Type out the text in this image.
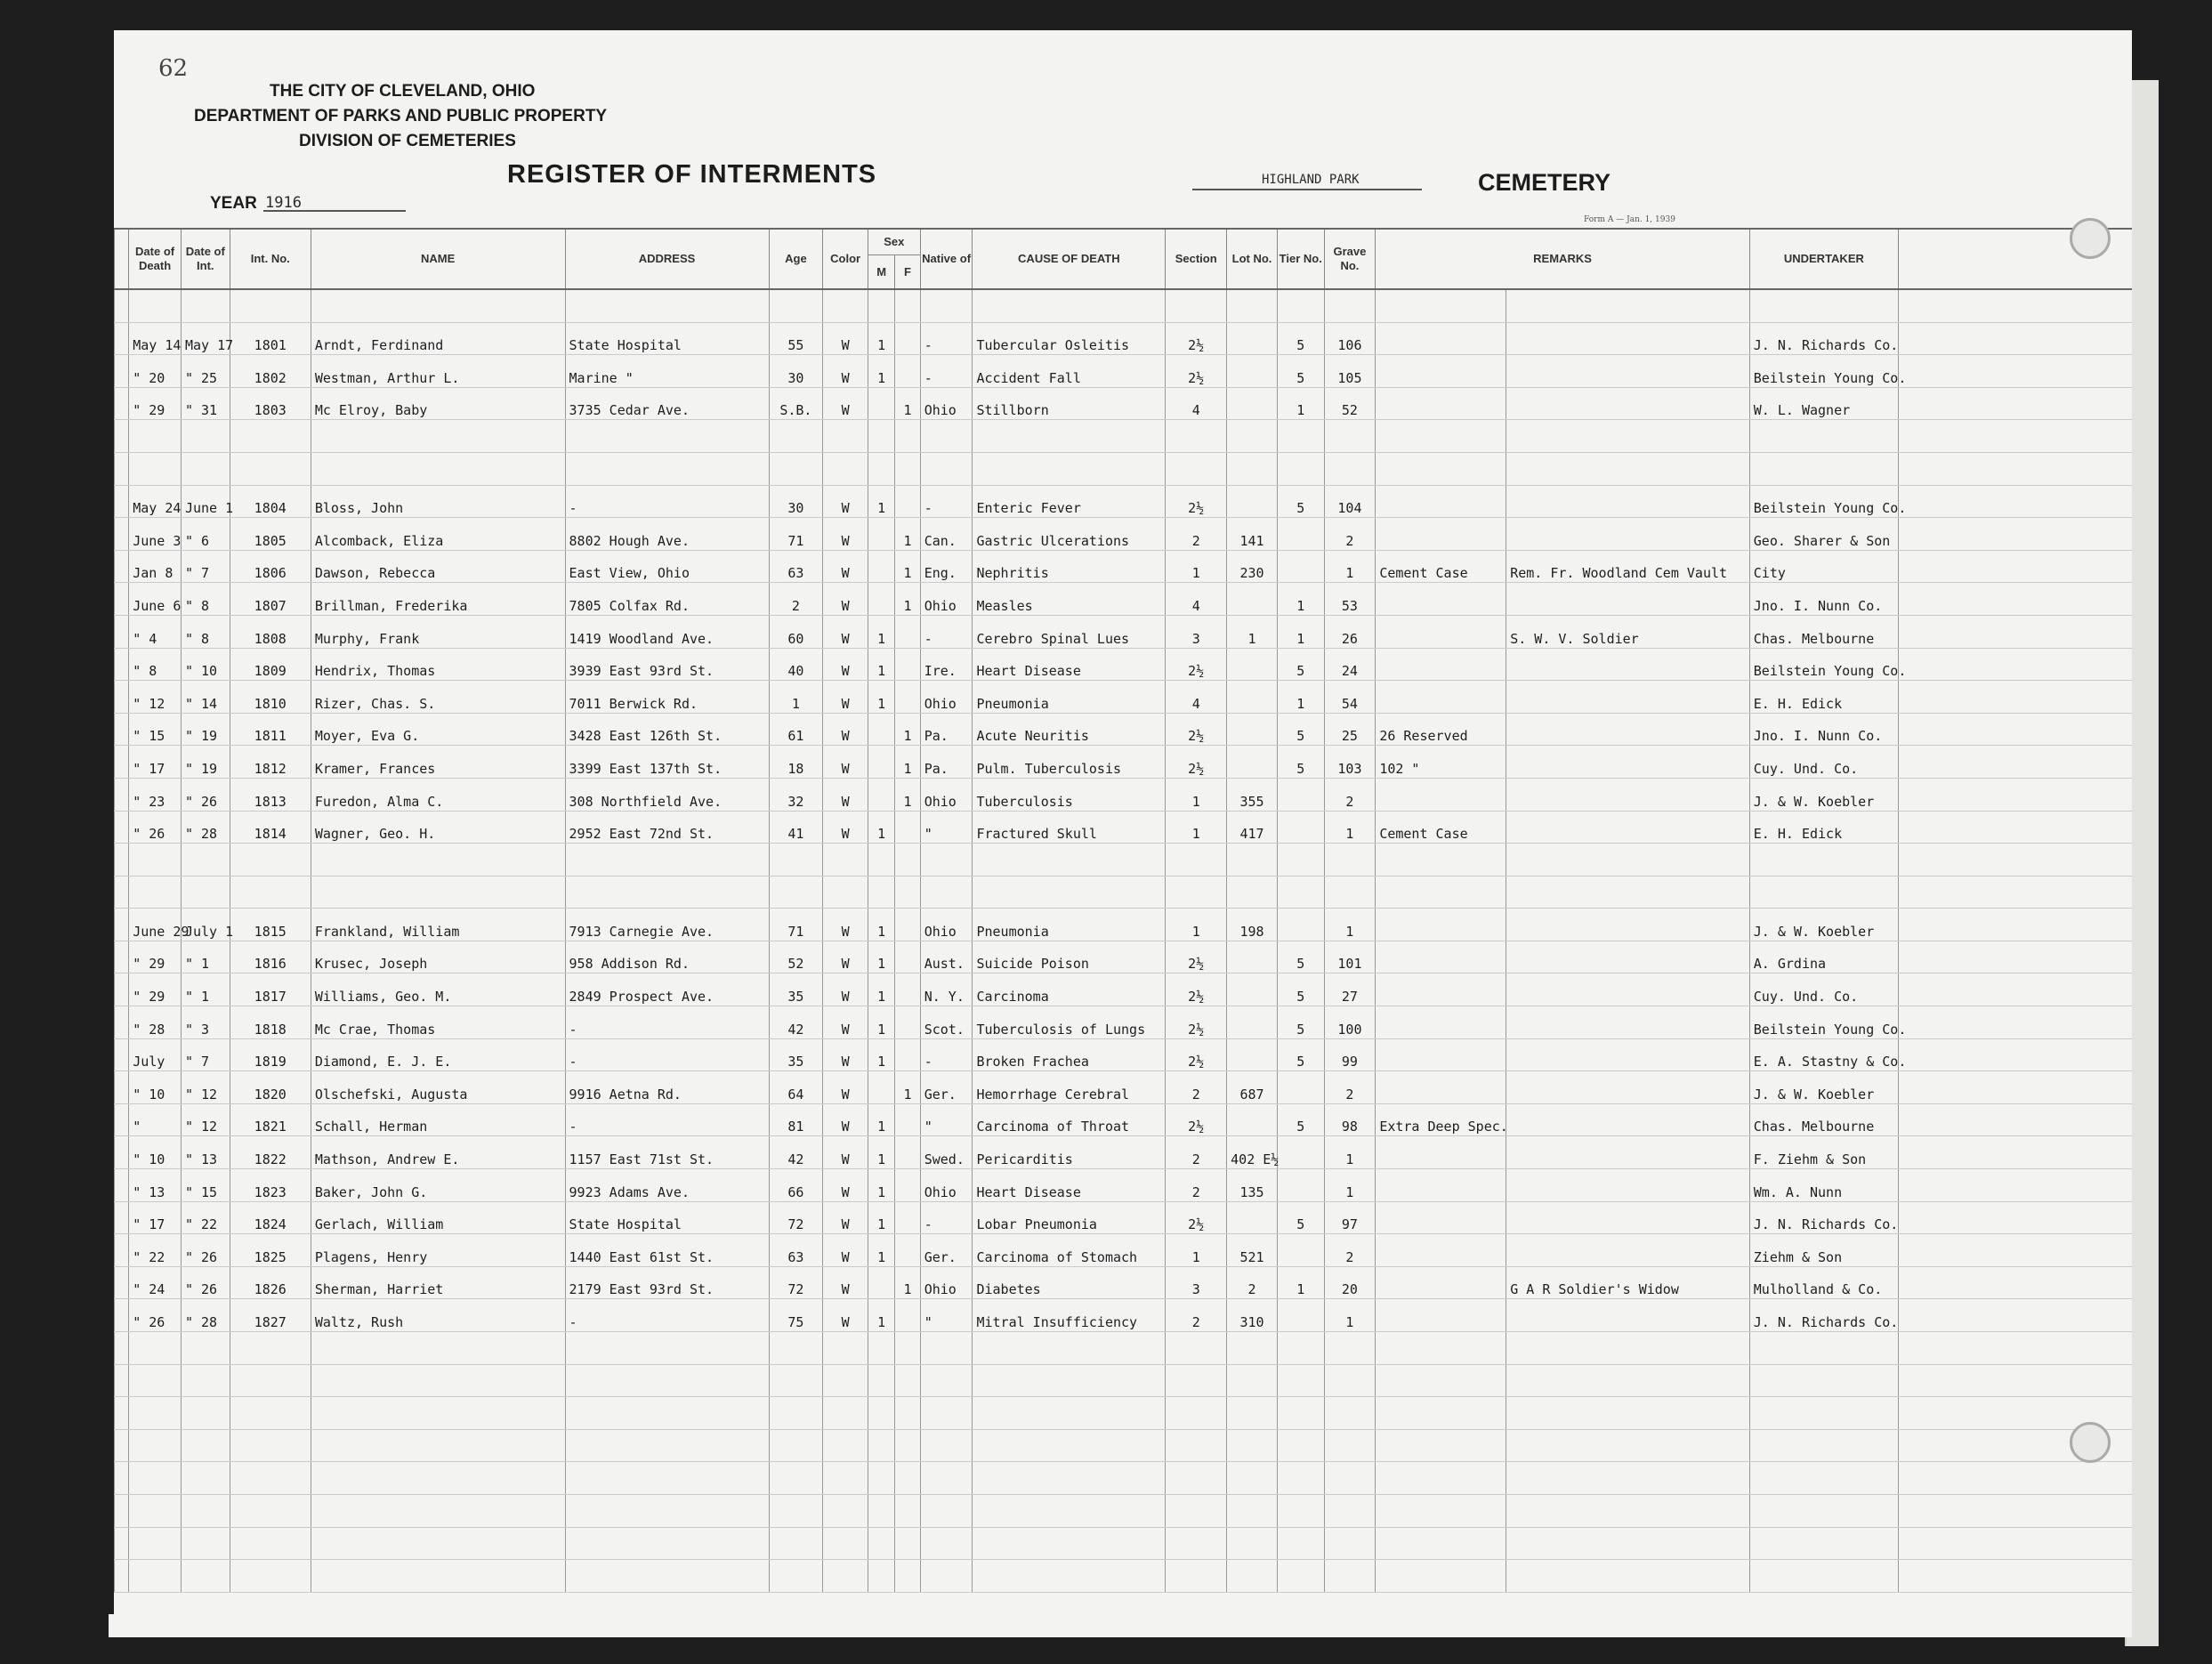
62
THE CITY OF CLEVELAND, OHIO
DEPARTMENT OF PARKS AND PUBLIC PROPERTY
DIVISION OF CEMETERIES
YEAR 1916
REGISTER OF INTERMENTS	HIGHLAND PARK	CEMETERY
Form A — Jan. 1, 1939
	Date of Death	Date of Int.	Int. No.	NAME	ADDRESS	Age	Color	Sex		Native of	CAUSE OF DEATH	Section	Lot No.	Tier No.	Grave No.	REMARKS		UNDERTAKER	
								M	F										

	May 14	May 17	1801	Arndt, Ferdinand	State Hospital	55	W	1		-	Tubercular Osleitis	2½		5	106			J. N. Richards Co.	
	" 20	" 25	1802	Westman, Arthur L.	Marine "	30	W	1		-	Accident Fall	2½		5	105			Beilstein Young Co.	
	" 29	" 31	1803	Mc Elroy, Baby	3735 Cedar Ave.	S.B.	W		1	Ohio	Stillborn	4		1	52			W. L. Wagner	

	May 24	June 1	1804	Bloss, John	-	30	W	1		-	Enteric Fever	2½		5	104			Beilstein Young Co.	
	June 3	" 6	1805	Alcomback, Eliza	8802 Hough Ave.	71	W		1	Can.	Gastric Ulcerations	2	141		2			Geo. Sharer & Son	
	Jan 8	" 7	1806	Dawson, Rebecca	East View, Ohio	63	W		1	Eng.	Nephritis	1	230		1	Cement Case	Rem. Fr. Woodland Cem Vault	City	
	June 6	" 8	1807	Brillman, Frederika	7805 Colfax Rd.	2	W		1	Ohio	Measles	4		1	53			Jno. I. Nunn Co.	
	" 4	" 8	1808	Murphy, Frank	1419 Woodland Ave.	60	W	1		-	Cerebro Spinal Lues	3	1	1	26		S. W. V. Soldier	Chas. Melbourne	
	" 8	" 10	1809	Hendrix, Thomas	3939 East 93rd St.	40	W	1		Ire.	Heart Disease	2½		5	24			Beilstein Young Co.	
	" 12	" 14	1810	Rizer, Chas. S.	7011 Berwick Rd.	1	W	1		Ohio	Pneumonia	4		1	54			E. H. Edick	
	" 15	" 19	1811	Moyer, Eva G.	3428 East 126th St.	61	W		1	Pa.	Acute Neuritis	2½		5	25	26 Reserved		Jno. I. Nunn Co.	
	" 17	" 19	1812	Kramer, Frances	3399 East 137th St.	18	W		1	Pa.	Pulm. Tuberculosis	2½		5	103	102 "		Cuy. Und. Co.	
	" 23	" 26	1813	Furedon, Alma C.	308 Northfield Ave.	32	W		1	Ohio	Tuberculosis	1	355		2			J. & W. Koebler	
	" 26	" 28	1814	Wagner, Geo. H.	2952 East 72nd St.	41	W	1		"	Fractured Skull	1	417		1	Cement Case		E. H. Edick	

	June 29	July 1	1815	Frankland, William	7913 Carnegie Ave.	71	W	1		Ohio	Pneumonia	1	198		1			J. & W. Koebler	
	" 29	" 1	1816	Krusec, Joseph	958 Addison Rd.	52	W	1		Aust.	Suicide Poison	2½		5	101			A. Grdina	
	" 29	" 1	1817	Williams, Geo. M.	2849 Prospect Ave.	35	W	1		N. Y.	Carcinoma	2½		5	27			Cuy. Und. Co.	
	" 28	" 3	1818	Mc Crae, Thomas	-	42	W	1		Scot.	Tuberculosis of Lungs	2½		5	100			Beilstein Young Co.	
	July	" 7	1819	Diamond, E. J. E.	-	35	W	1		-	Broken Frachea	2½		5	99			E. A. Stastny & Co.	
	" 10	" 12	1820	Olschefski, Augusta	9916 Aetna Rd.	64	W		1	Ger.	Hemorrhage Cerebral	2	687		2			J. & W. Koebler	
	"	" 12	1821	Schall, Herman	-	81	W	1		"	Carcinoma of Throat	2½		5	98	Extra Deep Spec.		Chas. Melbourne	
	" 10	" 13	1822	Mathson, Andrew E.	1157 East 71st St.	42	W	1		Swed.	Pericarditis	2	402 E½		1			F. Ziehm & Son	
	" 13	" 15	1823	Baker, John G.	9923 Adams Ave.	66	W	1		Ohio	Heart Disease	2	135		1			Wm. A. Nunn	
	" 17	" 22	1824	Gerlach, William	State Hospital	72	W	1		-	Lobar Pneumonia	2½		5	97			J. N. Richards Co.	
	" 22	" 26	1825	Plagens, Henry	1440 East 61st St.	63	W	1		Ger.	Carcinoma of Stomach	1	521		2			Ziehm & Son	
	" 24	" 26	1826	Sherman, Harriet	2179 East 93rd St.	72	W		1	Ohio	Diabetes	3	2	1	20		G A R Soldier's Widow	Mulholland & Co.	
	" 26	" 28	1827	Waltz, Rush	-	75	W	1		"	Mitral Insufficiency	2	310		1			J. N. Richards Co.	
